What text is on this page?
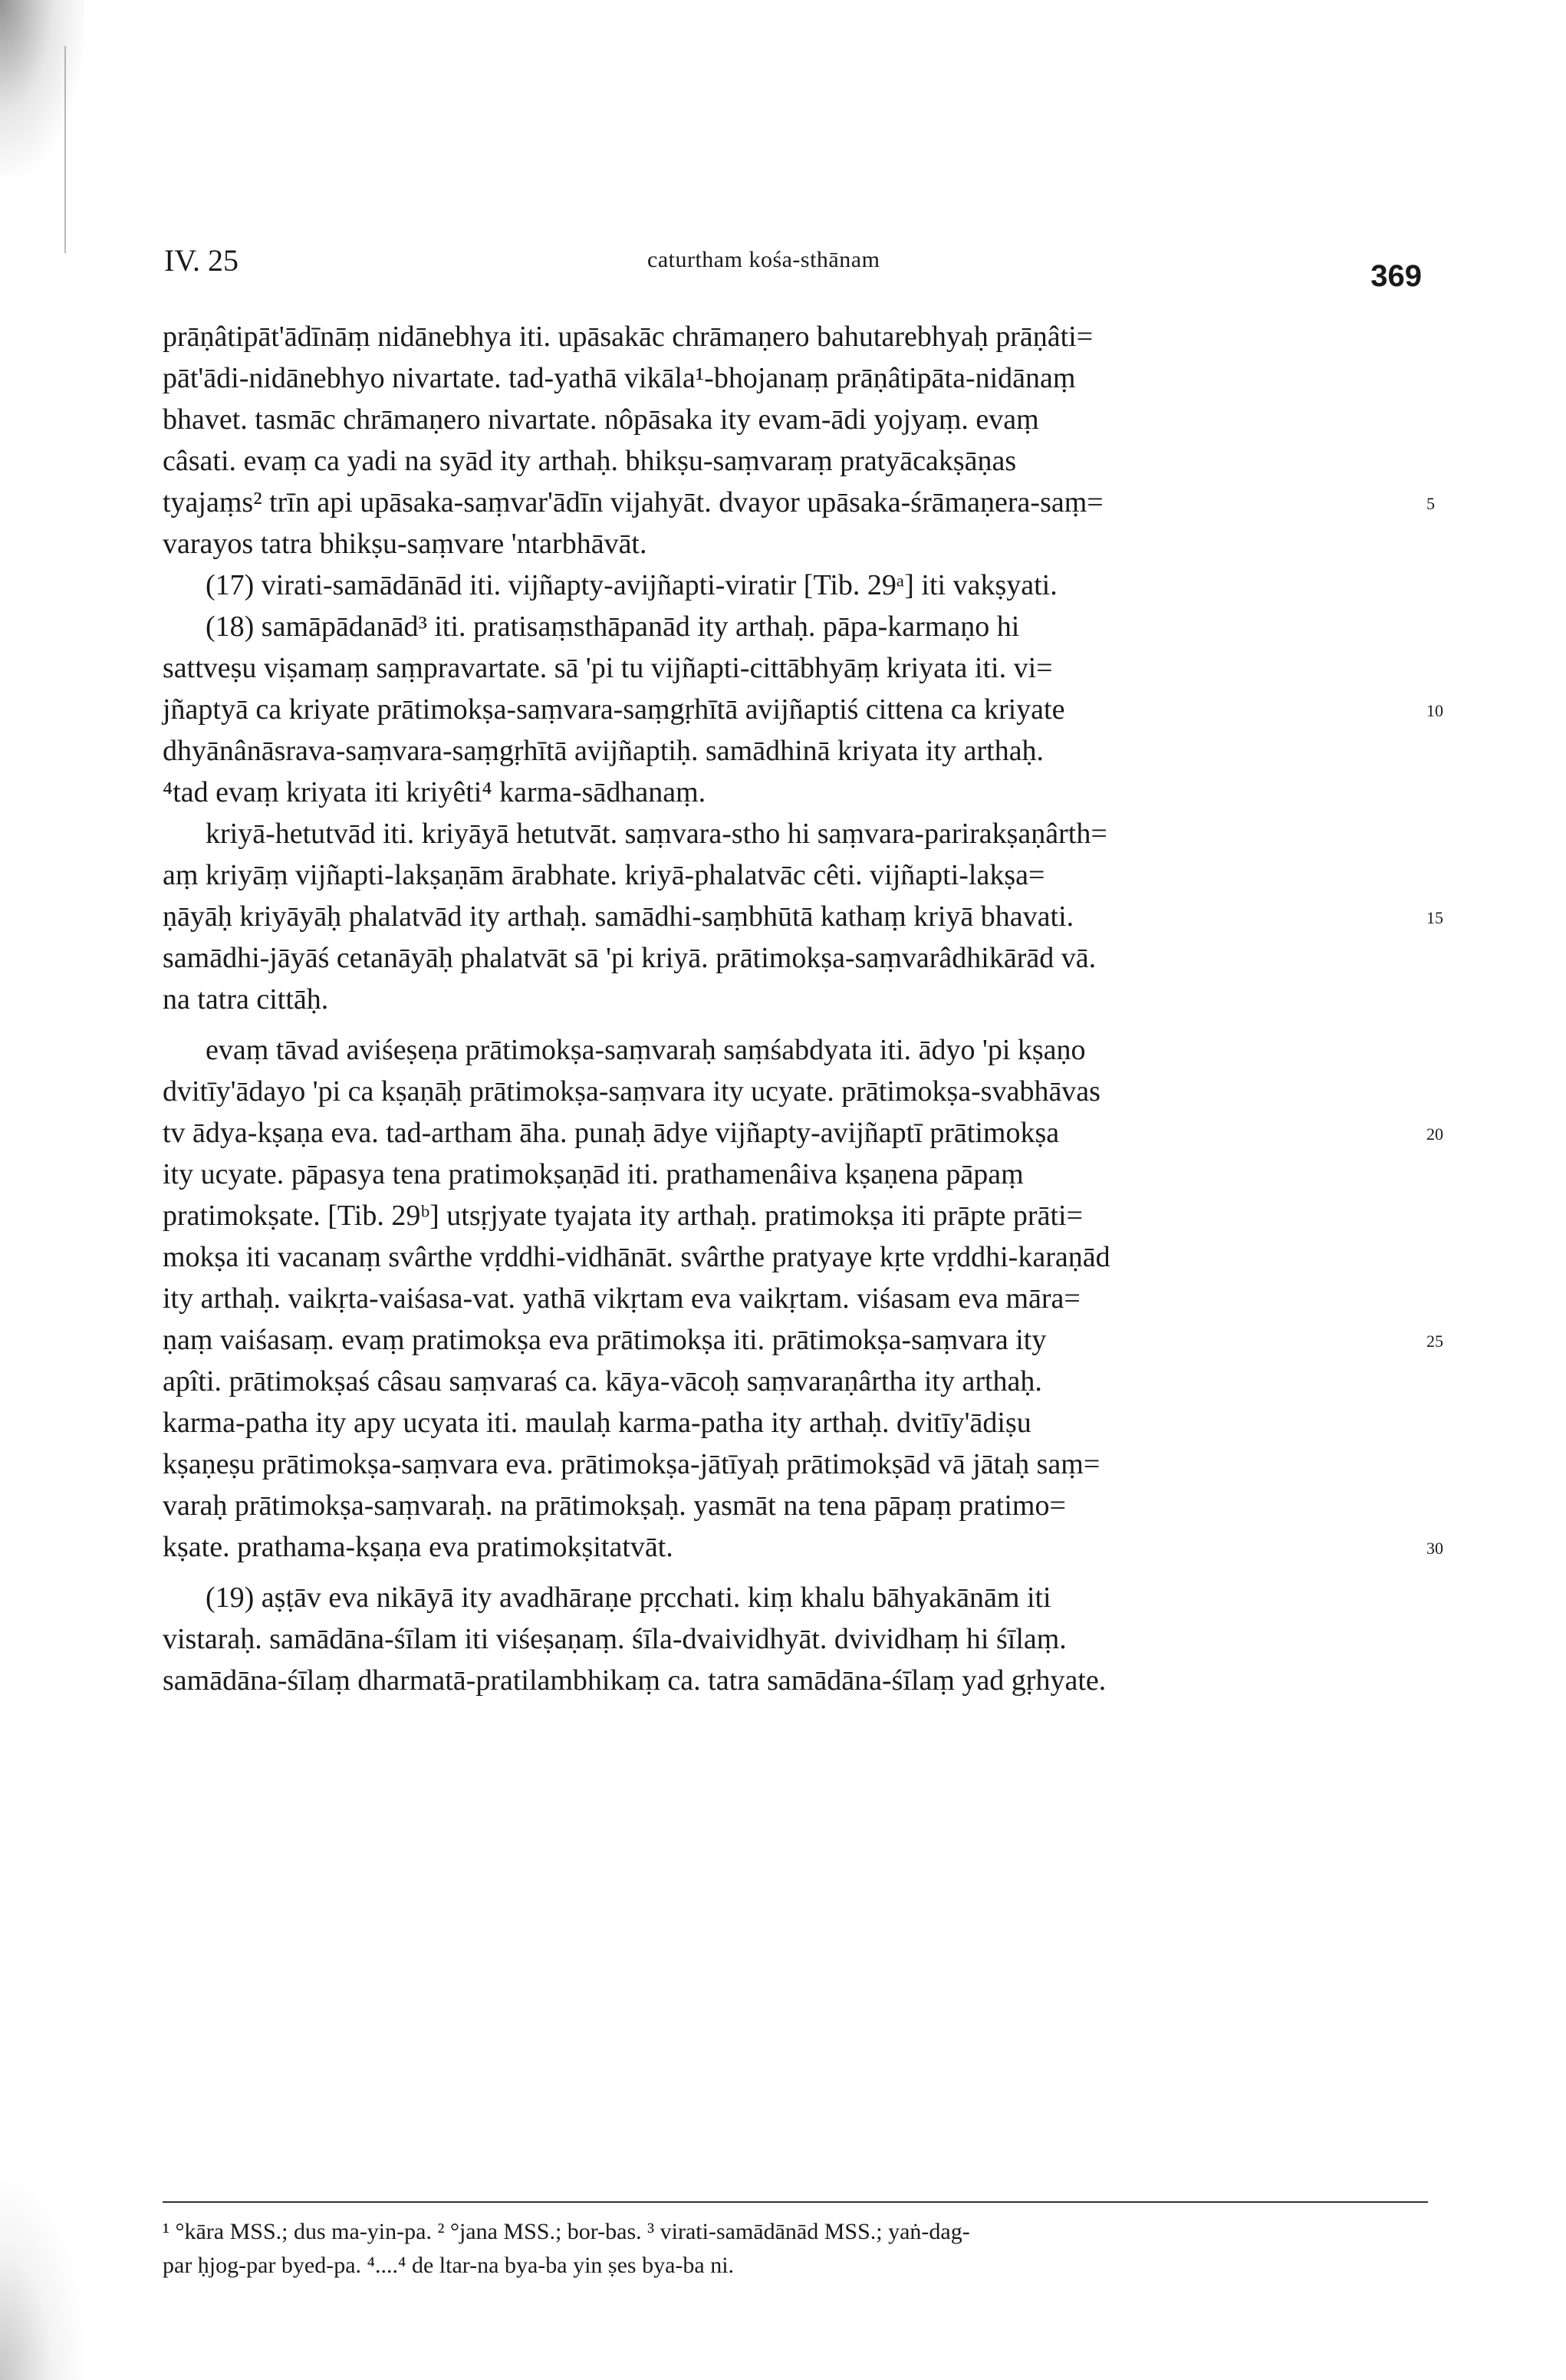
IV. 25	caturtham kośa-sthānam	369
prāṇâtipāt'ādīnāṃ nidānebhya iti. upāsakāc chrāmaṇero bahutarebhyaḥ prāṇâti=
pāt'ādi-nidānebhyo nivartate. tad-yathā vikāla¹-bhojanaṃ prāṇâtipāta-nidānaṃ
bhavet. tasmāc chrāmaṇero nivartate. nôpāsaka ity evam-ādi yojyaṃ. evaṃ
câsati. evaṃ ca yadi na syād ity arthaḥ. bhikṣu-saṃvaraṃ pratyācakṣāṇas
tyajaṃs² trīn api upāsaka-saṃvar'ādīn vijahyāt. dvayor upāsaka-śrāmaṇera-saṃ=	5
varayos tatra bhikṣu-saṃvare 'ntarbhāvāt.
(17) virati-samādānād iti. vijñapty-avijñapti-viratir [Tib. 29ᵃ] iti vakṣyati.
(18) samāpādanād³ iti. pratisaṃsthāpanād ity arthaḥ. pāpa-karmaṇo hi
sattveṣu viṣamaṃ saṃpravartate. sā 'pi tu vijñapti-cittābhyāṃ kriyata iti. vi=
jñaptyā ca kriyate prātimokṣa-saṃvara-saṃgṛhītā avijñaptiś cittena ca kriyate	10
dhyānânāsrava-saṃvara-saṃgṛhītā avijñaptiḥ. samādhinā kriyata ity arthaḥ.
⁴tad evaṃ kriyata iti kriyêti⁴ karma-sādhanaṃ.
kriyā-hetutvād iti. kriyāyā hetutvāt. saṃvara-stho hi saṃvara-parirakṣaṇârth=
aṃ kriyāṃ vijñapti-lakṣaṇām ārabhate. kriyā-phalatvāc cêti. vijñapti-lakṣa=
ṇāyāḥ kriyāyāḥ phalatvād ity arthaḥ. samādhi-saṃbhūtā kathaṃ kriyā bhavati.	15
samādhi-jāyāś cetanāyāḥ phalatvāt sā 'pi kriyā. prātimokṣa-saṃvarâdhikārād vā.
na tatra cittāḥ.
evaṃ tāvad aviśeṣeṇa prātimokṣa-saṃvaraḥ saṃśabdyata iti. ādyo 'pi kṣaṇo
dvitīy'ādayo 'pi ca kṣaṇāḥ prātimokṣa-saṃvara ity ucyate. prātimokṣa-svabhāvas
tv ādya-kṣaṇa eva. tad-artham āha. punaḥ ādye vijñapty-avijñaptī prātimokṣa	20
ity ucyate. pāpasya tena pratimokṣaṇād iti. prathamenâiva kṣaṇena pāpaṃ
pratimokṣate. [Tib. 29ᵇ] utsṛjyate tyajata ity arthaḥ. pratimokṣa iti prāpte prāti=
mokṣa iti vacanaṃ svârthe vṛddhi-vidhānāt. svârthe pratyaye kṛte vṛddhi-karaṇād
ity arthaḥ. vaikṛta-vaiśasa-vat. yathā vikṛtam eva vaikṛtam. viśasam eva māra=
ṇaṃ vaiśasaṃ. evaṃ pratimokṣa eva prātimokṣa iti. prātimokṣa-saṃvara ity	25
apîti. prātimokṣaś câsau saṃvaraś ca. kāya-vācoḥ saṃvaraṇârtha ity arthaḥ.
karma-patha ity apy ucyata iti. maulaḥ karma-patha ity arthaḥ. dvitīy'ādiṣu
kṣaṇeṣu prātimokṣa-saṃvara eva. prātimokṣa-jātīyaḥ prātimokṣād vā jātaḥ saṃ=
varaḥ prātimokṣa-saṃvaraḥ. na prātimokṣaḥ. yasmāt na tena pāpaṃ pratimo=
kṣate. prathama-kṣaṇa eva pratimokṣitatvāt.	30
(19) aṣṭāv eva nikāyā ity avadhāraṇe pṛcchati. kiṃ khalu bāhyakānām iti
vistaraḥ. samādāna-śīlam iti viśeṣaṇaṃ. śīla-dvaividhyāt. dvividhaṃ hi śīlaṃ.
samādāna-śīlaṃ dharmatā-pratilambhikaṃ ca. tatra samādāna-śīlaṃ yad gṛhyate.
¹ °kāra MSS.; dus ma-yin-pa. ² °jana MSS.; bor-bas. ³ virati-samādānād MSS.; yaṅ-dag-
par ḥjog-par byed-pa. ⁴....⁴ de ltar-na bya-ba yin ṣes bya-ba ni.
